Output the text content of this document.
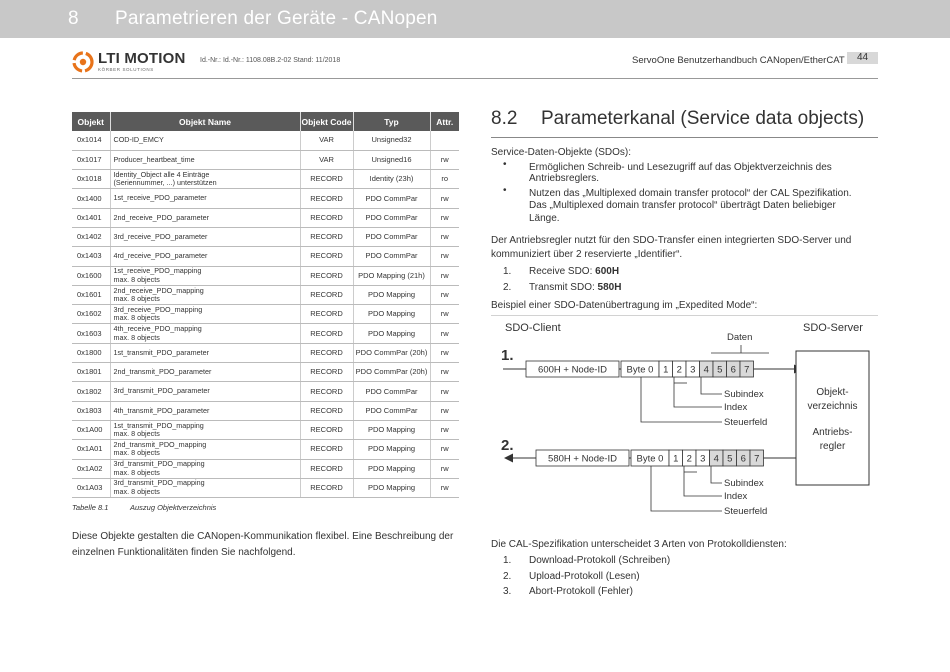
8 Parametrieren der Geräte - CANopen
LTI MOTION
KÖRBER SOLUTIONS
Id.-Nr.: Id.-Nr.: 1108.08B.2-02 Stand: 11/2018	ServoOne Benutzerhandbuch CANopen/EtherCAT	44
Objekt	Objekt Name	Objekt Code	Typ	Attr.
0x1014	COD-ID_EMCY	VAR	Unsigned32	
0x1017	Producer_heartbeat_time	VAR	Unsigned16	rw
0x1018	Identity_Object alle 4 Einträge
(Seriennummer, ...) unterstützen	RECORD	Identity (23h)	ro
0x1400	1st_receive_PDO_parameter	RECORD	PDO CommPar	rw
0x1401	2nd_receive_PDO_parameter	RECORD	PDO CommPar	rw
0x1402	3rd_receive_PDO_parameter	RECORD	PDO CommPar	rw
0x1403	4rd_receive_PDO_parameter	RECORD	PDO CommPar	rw
0x1600	1st_receive_PDO_mapping
max. 8 objects	RECORD	PDO Mapping (21h)	rw
0x1601	2nd_receive_PDO_mapping
max. 8 objects	RECORD	PDO Mapping	rw
0x1602	3rd_receive_PDO_mapping
max. 8 objects	RECORD	PDO Mapping	rw
0x1603	4th_receive_PDO_mapping
max. 8 objects	RECORD	PDO Mapping	rw
0x1800	1st_transmit_PDO_parameter	RECORD	PDO CommPar (20h)	rw
0x1801	2nd_transmit_PDO_parameter	RECORD	PDO CommPar (20h)	rw
0x1802	3rd_transmit_PDO_parameter	RECORD	PDO CommPar	rw
0x1803	4th_transmit_PDO_parameter	RECORD	PDO CommPar	rw
0x1A00	1st_transmit_PDO_mapping
max. 8 objects	RECORD	PDO Mapping	rw
0x1A01	2nd_transmit_PDO_mapping
max. 8 objects	RECORD	PDO Mapping	rw
0x1A02	3rd_transmit_PDO_mapping
max. 8 objects	RECORD	PDO Mapping	rw
0x1A03	3rd_transmit_PDO_mapping
max. 8 objects	RECORD	PDO Mapping	rw
Tabelle 8.1	Auszug Objektverzeichnis
Diese Objekte gestalten die CANopen-Kommunikation flexibel. Eine Beschreibung der einzelnen Funktionalitäten finden Sie nachfolgend.
8.2 Parameterkanal (Service data objects)
Service-Daten-Objekte (SDOs):
• Ermöglichen Schreib- und Lesezugriff auf das Objektverzeichnis des
Antriebsreglers.
• Nutzen das „Multiplexed domain transfer protocol“ der CAL Spezifikation.
Das „Multiplexed domain transfer protocol“ überträgt Daten beliebiger
Länge.
Der Antriebsregler nutzt für den SDO-Transfer einen integrierten SDO-Server und
kommuniziert über 2 reservierte „Identifier“.
1. Receive SDO: 600H
2. Transmit SDO: 580H
Beispiel einer SDO-Datenübertragung im „Expedited Mode“:
SDO-Client	SDO-Server
Daten
1.
600H + Node-ID Byte 0 1 2 3 4 5 6 7
Subindex
Index
Steuerfeld
Objekt-
verzeichnis
Antriebs-
regler
2.
580H + Node-ID Byte 0 1 2 3 4 5 6 7
Subindex
Index
Steuerfeld
Die CAL-Spezifikation unterscheidet 3 Arten von Protokolldiensten:
1. Download-Protokoll (Schreiben)
2. Upload-Protokoll (Lesen)
3. Abort-Protokoll (Fehler)
